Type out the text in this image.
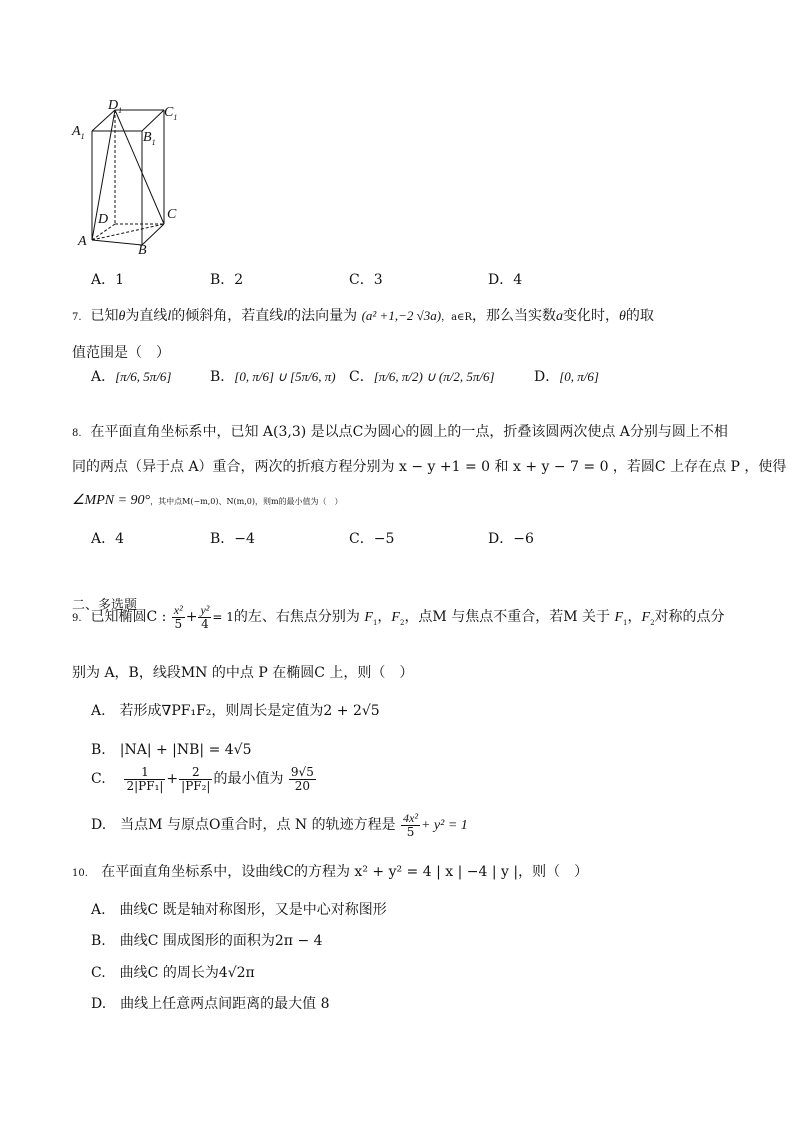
$D_1$	$C_1$
$A_1$	$B_1$
D	C
A
B
A．1	B．2	C．3	D．4
7. 已知θ为直线l的倾斜角，若直线l的法向量为 (a² +1,−2 √3a)，a∈R，那么当实数a变化时，θ的取
值范围是（　）
A．[π/6, 5π/6]	B．[0, π/6] ∪ [5π/6, π) C．[π/6, π/2) ∪ (π/2, 5π/6]	D．[0, π/6]
8. 在平面直角坐标系中，已知 A(3,3) 是以点C为圆心的圆上的一点，折叠该圆两次使点 A分别与圆上不相
同的两点（异于点 A）重合，两次的折痕方程分别为 x − y +1 = 0 和 x + y − 7 = 0 ，若圆C 上存在点 P ，使得
∠MPN = 90°，其中点M(−m,0)、N(m,0)，则m的最小值为（　）
A．4	B．−4	C．−5	D．−6
二、多选题
9. 已知椭圆C : $\frac{\text{x²}}{5} + \frac{\text{y²}}{4} = 1$的左、右焦点分别为 $F_1$，$F_2$，点M 与焦点不重合，若M 关于 $F_1$，$F_2$对称的点分
别为 A，B，线段MN 的中点 P 在椭圆C 上，则（　）
A.　若形成∇PF₁F₂，则周长是定值为2 + 2√5
B.　|NA| + |NB| = 4√5
C. $\frac{1}{\text{2|PF₁|}} + \frac{2}{\text{|PF₂|}}$ 的最小值为 $\frac{9√5}{20}$
D.　当点M 与原点O重合时，点 N 的轨迹方程是 $\frac{\text{4x²}}{5} + y^2 = 1$
10. 在平面直角坐标系中，设曲线C的方程为 x² + y² = 4 | x | −4 | y |，则（　）
A.　曲线C 既是轴对称图形，又是中心对称图形
B.　曲线C 围成图形的面积为2π − 4
C.　曲线C 的周长为4√2π
D.　曲线上任意两点间距离的最大值 8
